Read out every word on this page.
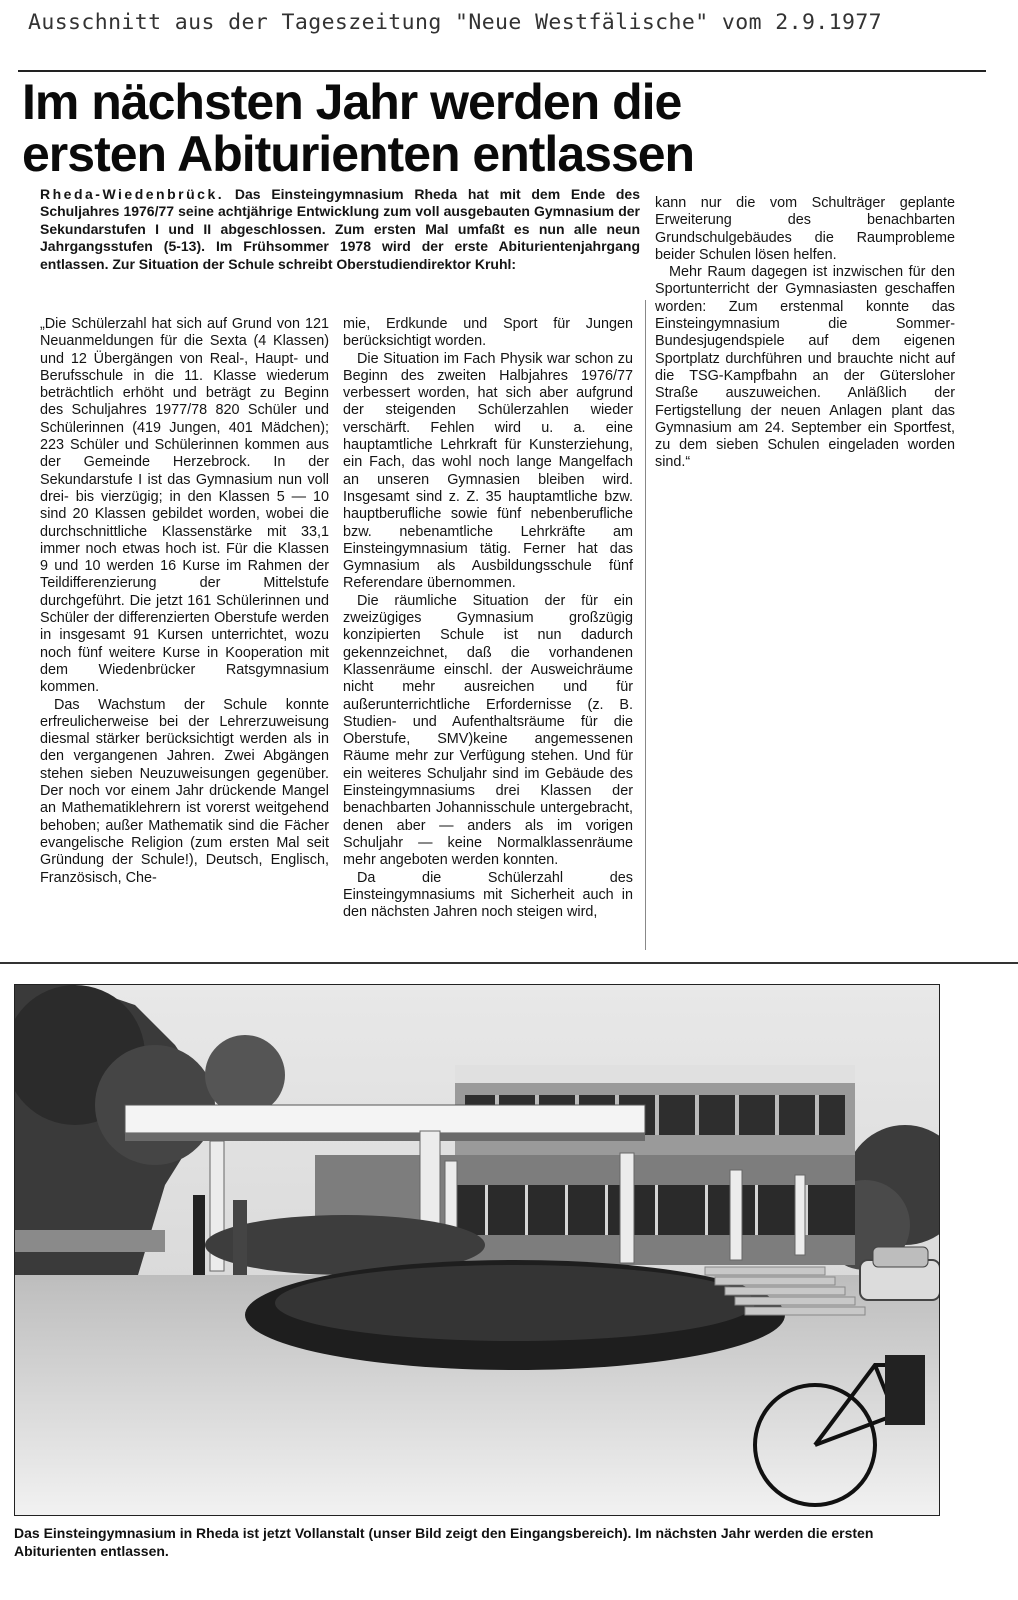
Ausschnitt aus der Tageszeitung "Neue Westfälische" vom 2.9.1977
Im nächsten Jahr werden die
ersten Abiturienten entlassen
Rheda-Wiedenbrück. Das Einsteingymnasium Rheda hat mit dem Ende des Schuljahres 1976/77 seine achtjährige Entwicklung zum voll ausgebauten Gymnasium der Sekundarstufen I und II abgeschlossen. Zum ersten Mal umfaßt es nun alle neun Jahrgangsstufen (5-13). Im Frühsommer 1978 wird der erste Abiturientenjahrgang entlassen. Zur Situation der Schule schreibt Oberstudiendirektor Kruhl:

„Die Schülerzahl hat sich auf Grund von 121 Neuanmeldungen für die Sexta (4 Klassen) und 12 Übergängen von Real-, Haupt- und Berufsschule in die 11. Klasse wiederum beträchtlich erhöht und beträgt zu Beginn des Schuljahres 1977/78 820 Schüler und Schülerinnen (419 Jungen, 401 Mädchen); 223 Schüler und Schülerinnen kommen aus der Gemeinde Herzebrock. In der Sekundarstufe I ist das Gymnasium nun voll drei- bis vierzügig; in den Klassen 5 — 10 sind 20 Klassen gebildet worden, wobei die durchschnittliche Klassenstärke mit 33,1 immer noch etwas hoch ist. Für die Klassen 9 und 10 werden 16 Kurse im Rahmen der Teildifferenzierung der Mittelstufe durchgeführt. Die jetzt 161 Schülerinnen und Schüler der differenzierten Oberstufe werden in insgesamt 91 Kursen unterrichtet, wozu noch fünf weitere Kurse in Kooperation mit dem Wiedenbrücker Ratsgymnasium kommen.

Das Wachstum der Schule konnte erfreulicherweise bei der Lehrerzuweisung diesmal stärker berücksichtigt werden als in den vergangenen Jahren. Zwei Abgängen stehen sieben Neuzuweisungen gegenüber. Der noch vor einem Jahr drückende Mangel an Mathematiklehrern ist vorerst weitgehend behoben; außer Mathematik sind die Fächer evangelische Religion (zum ersten Mal seit Gründung der Schule!), Deutsch, Englisch, Französisch, Che-

mie, Erdkunde und Sport für Jungen berücksichtigt worden.

Die Situation im Fach Physik war schon zu Beginn des zweiten Halbjahres 1976/77 verbessert worden, hat sich aber aufgrund der steigenden Schülerzahlen wieder verschärft. Fehlen wird u. a. eine hauptamtliche Lehrkraft für Kunsterziehung, ein Fach, das wohl noch lange Mangelfach an unseren Gymnasien bleiben wird. Insgesamt sind z. Z. 35 hauptamtliche bzw. hauptberufliche sowie fünf nebenberufliche bzw. nebenamtliche Lehrkräfte am Einsteingymnasium tätig. Ferner hat das Gymnasium als Ausbildungsschule fünf Referendare übernommen.

Die räumliche Situation der für ein zweizügiges Gymnasium großzügig konzipierten Schule ist nun dadurch gekennzeichnet, daß die vorhandenen Klassenräume einschl. der Ausweichräume nicht mehr ausreichen und für außerunterrichtliche Erfordernisse (z. B. Studien- und Aufenthaltsräume für die Oberstufe, SMV)keine angemessenen Räume mehr zur Verfügung stehen. Und für ein weiteres Schuljahr sind im Gebäude des Einsteingymnasiums drei Klassen der benachbarten Johannisschule untergebracht, denen aber — anders als im vorigen Schuljahr — keine Normalklassenräume mehr angeboten werden konnten.

Da die Schülerzahl des Einsteingymnasiums mit Sicherheit auch in den nächsten Jahren noch steigen wird,

kann nur die vom Schulträger geplante Erweiterung des benachbarten Grundschulgebäudes die Raumprobleme beider Schulen lösen helfen.

Mehr Raum dagegen ist inzwischen für den Sportunterricht der Gymnasiasten geschaffen worden: Zum erstenmal konnte das Einsteingymnasium die Sommer-Bundesjugendspiele auf dem eigenen Sportplatz durchführen und brauchte nicht auf die TSG-Kampfbahn an der Gütersloher Straße auszuweichen. Anläßlich der Fertigstellung der neuen Anlagen plant das Gymnasium am 24. September ein Sportfest, zu dem sieben Schulen eingeladen worden sind.“

Das Einsteingymnasium in Rheda ist jetzt Vollanstalt (unser Bild zeigt den Eingangsbereich). Im nächsten Jahr werden die ersten Abiturienten entlassen.
